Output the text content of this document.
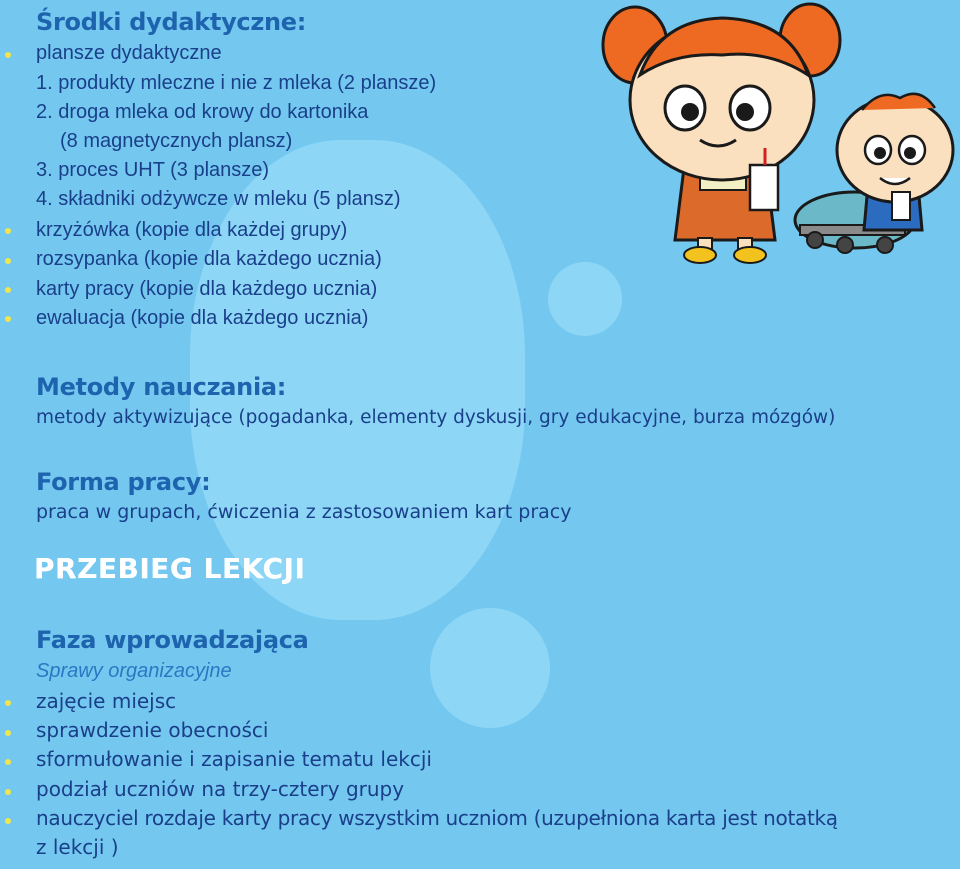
Środki dydaktyczne:

plansze dydaktyczne

1. produkty mleczne i nie z mleka (2 plansze)

2. droga mleka od krowy do kartonika

(8 magnetycznych plansz)

3. proces UHT (3 plansze)

4. składniki odżywcze w mleku (5 plansz)

krzyżówka (kopie dla każdej grupy)

rozsypanka (kopie dla każdego ucznia)

karty pracy (kopie dla każdego ucznia)

ewaluacja (kopie dla każdego ucznia)

Metody nauczania:

metody aktywizujące (pogadanka, elementy dyskusji, gry edukacyjne, burza mózgów)

Forma pracy:

praca w grupach, ćwiczenia z zastosowaniem kart pracy

PRZEBIEG LEKCJI
Faza wprowadzająca

Sprawy organizacyjne

zajęcie miejsc

sprawdzenie obecności

sformułowanie i zapisanie tematu lekcji

podział uczniów na trzy-cztery grupy

nauczyciel rozdaje karty pracy wszystkim uczniom (uzupełniona karta jest notatką

z lekcji )
